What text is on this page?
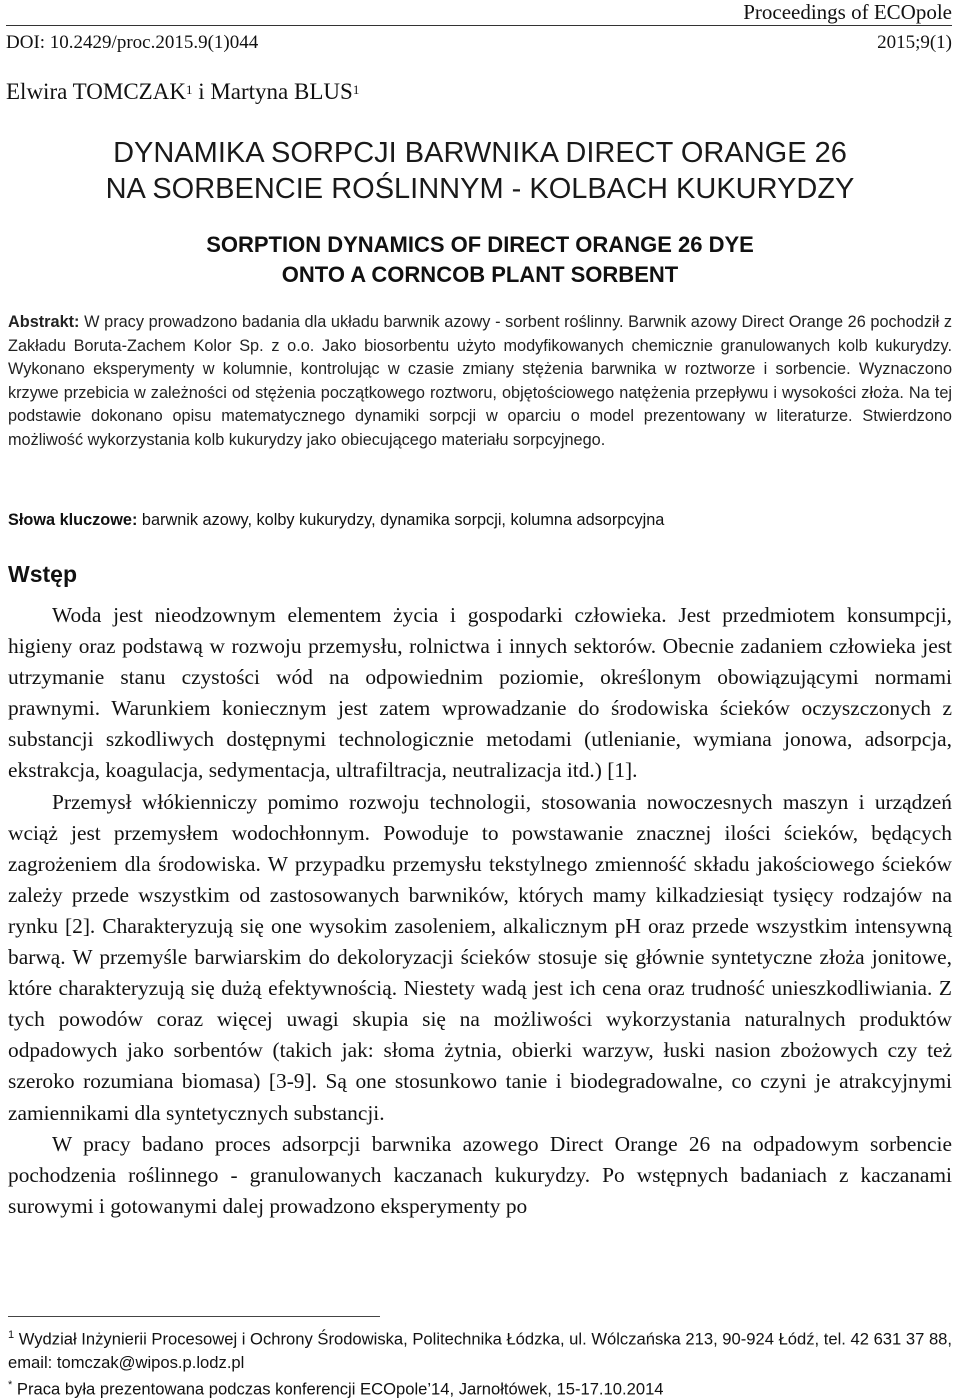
Proceedings of ECOpole
DOI: 10.2429/proc.2015.9(1)044	2015;9(1)
Elwira TOMCZAK$^1$ i Martyna BLUS$^1$
DYNAMIKA SORPCJI BARWNIKA DIRECT ORANGE 26
NA SORBENCIE ROŚLINNYM - KOLBACH KUKURYDZY
SORPTION DYNAMICS OF DIRECT ORANGE 26 DYE
ONTO A CORNCOB PLANT SORBENT
Abstrakt: W pracy prowadzono badania dla układu barwnik azowy - sorbent roślinny. Barwnik azowy Direct Orange 26 pochodził z Zakładu Boruta-Zachem Kolor Sp. z o.o. Jako biosorbentu użyto modyfikowanych chemicznie granulowanych kolb kukurydzy. Wykonano eksperymenty w kolumnie, kontrolując w czasie zmiany stężenia barwnika w roztworze i sorbencie. Wyznaczono krzywe przebicia w zależności od stężenia początkowego roztworu, objętościowego natężenia przepływu i wysokości złoża. Na tej podstawie dokonano opisu matematycznego dynamiki sorpcji w oparciu o model prezentowany w literaturze. Stwierdzono możliwość wykorzystania kolb kukurydzy jako obiecującego materiału sorpcyjnego.
Słowa kluczowe: barwnik azowy, kolby kukurydzy, dynamika sorpcji, kolumna adsorpcyjna
Wstęp

Woda jest nieodzownym elementem życia i gospodarki człowieka. Jest przedmiotem konsumpcji, higieny oraz podstawą w rozwoju przemysłu, rolnictwa i innych sektorów. Obecnie zadaniem człowieka jest utrzymanie stanu czystości wód na odpowiednim poziomie, określonym obowiązującymi normami prawnymi. Warunkiem koniecznym jest zatem wprowadzanie do środowiska ścieków oczyszczonych z substancji szkodliwych dostępnymi technologicznie metodami (utlenianie, wymiana jonowa, adsorpcja, ekstrakcja, koagulacja, sedymentacja, ultrafiltracja, neutralizacja itd.) [1].

Przemysł włókienniczy pomimo rozwoju technologii, stosowania nowoczesnych maszyn i urządzeń wciąż jest przemysłem wodochłonnym. Powoduje to powstawanie znacznej ilości ścieków, będących zagrożeniem dla środowiska. W przypadku przemysłu tekstylnego zmienność składu jakościowego ścieków zależy przede wszystkim od zastosowanych barwników, których mamy kilkadziesiąt tysięcy rodzajów na rynku [2]. Charakteryzują się one wysokim zasoleniem, alkalicznym pH oraz przede wszystkim intensywną barwą. W przemyśle barwiarskim do dekoloryzacji ścieków stosuje się głównie syntetyczne złoża jonitowe, które charakteryzują się dużą efektywnością. Niestety wadą jest ich cena oraz trudność unieszkodliwiania. Z tych powodów coraz więcej uwagi skupia się na możliwości wykorzystania naturalnych produktów odpadowych jako sorbentów (takich jak: słoma żytnia, obierki warzyw, łuski nasion zbożowych czy też szeroko rozumiana biomasa) [3-9]. Są one stosunkowo tanie i biodegradowalne, co czyni je atrakcyjnymi zamiennikami dla syntetycznych substancji.

W pracy badano proces adsorpcji barwnika azowego Direct Orange 26 na odpadowym sorbencie pochodzenia roślinnego - granulowanych kaczanach kukurydzy. Po wstępnych badaniach z kaczanami surowymi i gotowanymi dalej prowadzono eksperymenty po

$^1$ Wydział Inżynierii Procesowej i Ochrony Środowiska, Politechnika Łódzka, ul. Wólczańska 213, 90-924 Łódź, tel. 42 631 37 88, email: tomczak@wipos.p.lodz.pl

* Praca była prezentowana podczas konferencji ECOpole’14, Jarnołtówek, 15-17.10.2014
